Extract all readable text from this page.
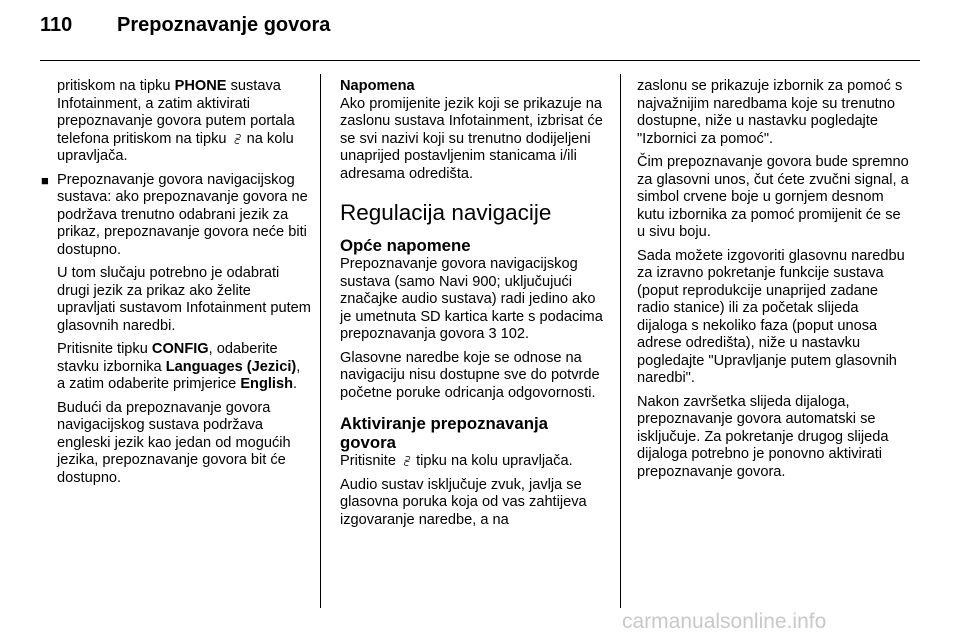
110 Prepoznavanje govora

pritiskom na tipku PHONE sustava Infotainment, a zatim aktivirati prepoznavanje govora putem portala telefona pritiskom na tipku ⫔ na kolu upravljača.

■ Prepoznavanje govora navigacijskog sustava: ako prepoznavanje govora ne podržava trenutno odabrani jezik za prikaz, prepoznavanje govora neće biti dostupno.

U tom slučaju potrebno je odabrati drugi jezik za prikaz ako želite upravljati sustavom Infotainment putem glasovnih naredbi.

Pritisnite tipku CONFIG, odaberite stavku izbornika Languages (Jezici), a zatim odaberite primjerice English.

Budući da prepoznavanje govora navigacijskog sustava podržava engleski jezik kao jedan od mogućih jezika, prepoznavanje govora bit će dostupno.

Napomena

Ako promijenite jezik koji se prikazuje na zaslonu sustava Infotainment, izbrisat će se svi nazivi koji su trenutno dodijeljeni unaprijed postavljenim stanicama i/ili adresama odredišta.

Regulacija navigacije
Opće napomene

Prepoznavanje govora navigacijskog sustava (samo Navi 900; uključujući značajke audio sustava) radi jedino ako je umetnuta SD kartica karte s podacima prepoznavanja govora 3 102.

Glasovne naredbe koje se odnose na navigaciju nisu dostupne sve do potvrde početne poruke odricanja odgovornosti.

Aktiviranje prepoznavanja govora

Pritisnite ⫔ tipku na kolu upravljača.

Audio sustav isključuje zvuk, javlja se glasovna poruka koja od vas zahtijeva izgovaranje naredbe, a na

zaslonu se prikazuje izbornik za pomoć s najvažnijim naredbama koje su trenutno dostupne, niže u nastavku pogledajte "Izbornici za pomoć".

Čim prepoznavanje govora bude spremno za glasovni unos, čut ćete zvučni signal, a simbol crvene boje u gornjem desnom kutu izbornika za pomoć promijenit će se u sivu boju.

Sada možete izgovoriti glasovnu naredbu za izravno pokretanje funkcije sustava (poput reprodukcije unaprijed zadane radio stanice) ili za početak slijeda dijaloga s nekoliko faza (poput unosa adrese odredišta), niže u nastavku pogledajte "Upravljanje putem glasovnih naredbi".

Nakon završetka slijeda dijaloga, prepoznavanje govora automatski se isključuje. Za pokretanje drugog slijeda dijaloga potrebno je ponovno aktivirati prepoznavanje govora.

carmanualsonline.info
